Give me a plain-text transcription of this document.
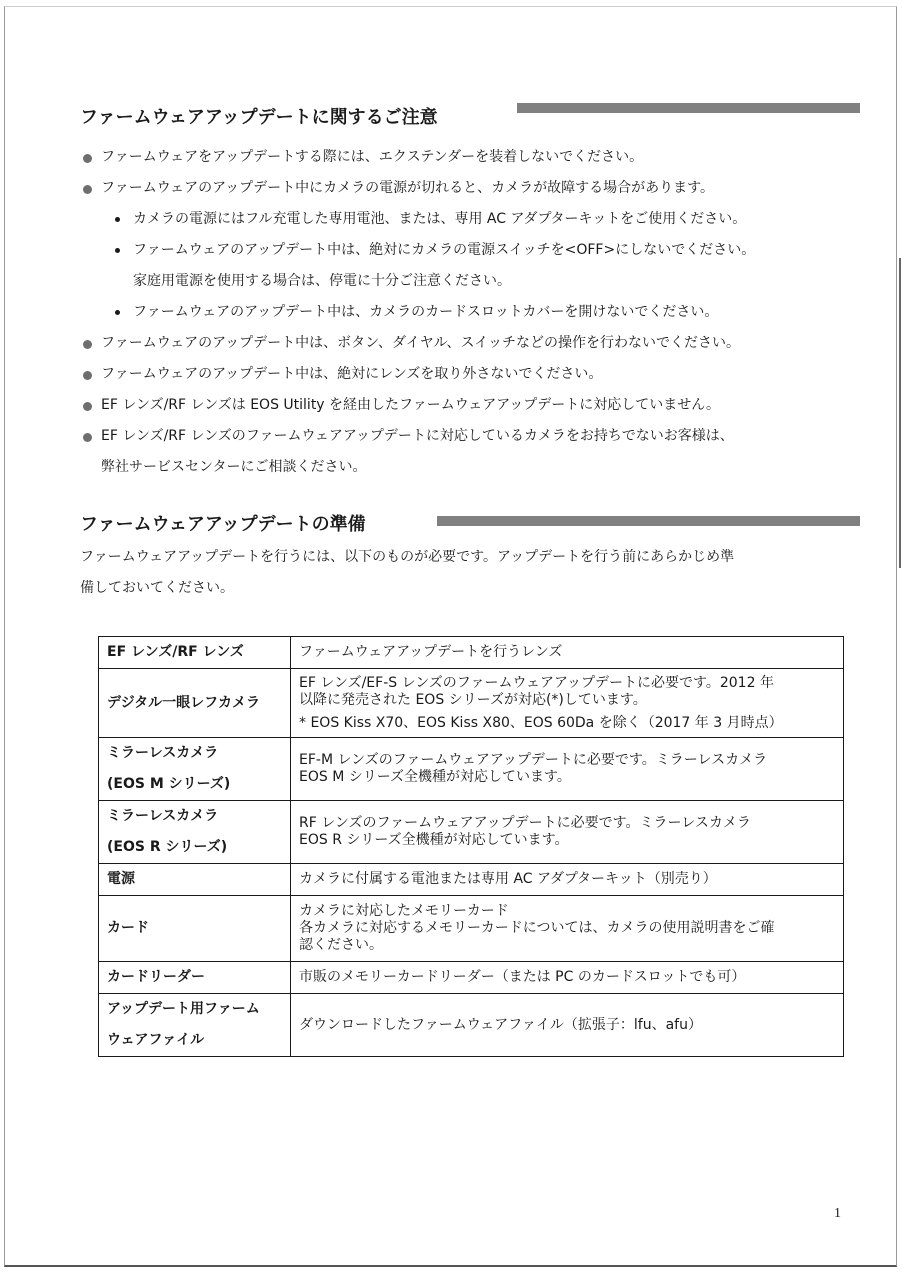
ファームウェアアップデートに関するご注意
ファームウェアをアップデートする際には、エクステンダーを装着しないでください。
ファームウェアのアップデート中にカメラの電源が切れると、カメラが故障する場合があります。
カメラの電源にはフル充電した専用電池、または、専用 AC アダプターキットをご使用ください。
ファームウェアのアップデート中は、絶対にカメラの電源スイッチを<OFF>にしないでください。
家庭用電源を使用する場合は、停電に十分ご注意ください。
ファームウェアのアップデート中は、カメラのカードスロットカバーを開けないでください。
ファームウェアのアップデート中は、ボタン、ダイヤル、スイッチなどの操作を行わないでください。
ファームウェアのアップデート中は、絶対にレンズを取り外さないでください。
EF レンズ/RF レンズは EOS Utility を経由したファームウェアアップデートに対応していません。
EF レンズ/RF レンズのファームウェアアップデートに対応しているカメラをお持ちでないお客様は、
弊社サービスセンターにご相談ください。
ファームウェアアップデートの準備
ファームウェアアップデートを行うには、以下のものが必要です。アップデートを行う前にあらかじめ準
備しておいてください。
EF レンズ/RF レンズ	ファームウェアアップデートを行うレンズ

デジタル一眼レフカメラ	EF レンズ/EF-S レンズのファームウェアアップデートに必要です。2012 年
以降に発売された EOS シリーズが対応(*)しています。
* EOS Kiss X70、EOS Kiss X80、EOS 60Da を除く（2017 年 3 月時点）

ミラーレスカメラ
(EOS M シリーズ)	EF-M レンズのファームウェアアップデートに必要です。ミラーレスカメラ
EOS M シリーズ全機種が対応しています。

ミラーレスカメラ
(EOS R シリーズ)	RF レンズのファームウェアアップデートに必要です。ミラーレスカメラ
EOS R シリーズ全機種が対応しています。

電源	カメラに付属する電池または専用 AC アダプターキット（別売り）

カード	カメラに対応したメモリーカード
各カメラに対応するメモリーカードについては、カメラの使用説明書をご確
認ください。

カードリーダー	市販のメモリーカードリーダー（または PC のカードスロットでも可）

アップデート用ファーム
ウェアファイル	ダウンロードしたファームウェアファイル（拡張子：lfu、afu）
1
